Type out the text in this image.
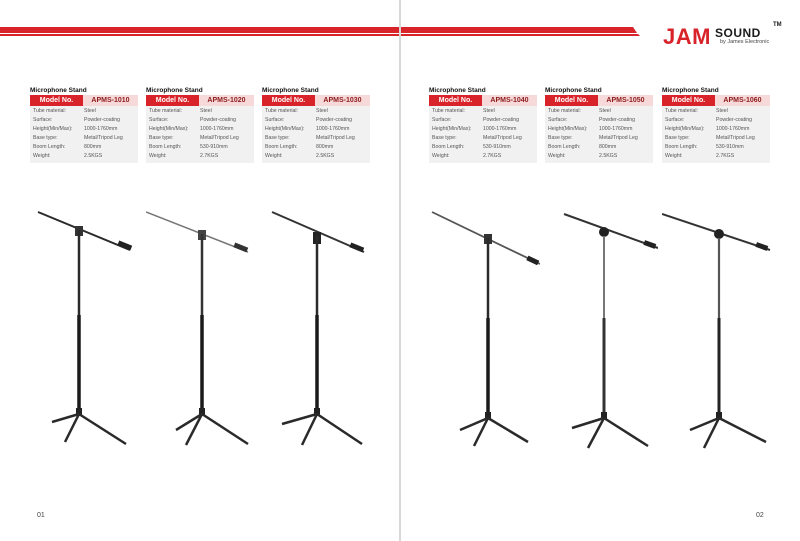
JAM SOUND
TM
by James Electronic
Microphone Stand
Model No.	APMS-1010
Tube material:	Steel
Surface:	Powder-coating
Height(Min/Max):	1000-1760mm
Base type:	Metal/Tripod Leg
Boom Length:	800mm
Weight:	2.5KGS
Microphone Stand
Model No.	APMS-1020
Tube material:	Steel
Surface:	Powder-coating
Height(Min/Max):	1000-1760mm
Base type:	Metal/Tripod Leg
Boom Length:	530-910mm
Weight:	2.7KGS
Microphone Stand
Model No.	APMS-1030
Tube material:	Steel
Surface:	Powder-coating
Height(Min/Max):	1000-1760mm
Base type:	Metal/Tripod Leg
Boom Length:	800mm
Weight:	2.5KGS
Microphone Stand
Model No.	APMS-1040
Tube material:	Steel
Surface:	Powder-coating
Height(Min/Max):	1000-1760mm
Base type:	Metal/Tripod Leg
Boom Length:	530-910mm
Weight:	2.7KGS
Microphone Stand
Model No.	APMS-1050
Tube material:	Steel
Surface:	Powder-coating
Height(Min/Max):	1000-1760mm
Base type:	Metal/Tripod Leg
Boom Length:	800mm
Weight:	2.5KGS
Microphone Stand
Model No.	APMS-1060
Tube material:	Steel
Surface:	Powder-coating
Height(Min/Max):	1000-1760mm
Base type:	Metal/Tripod Leg
Boom Length:	530-910mm
Weight:	2.7KGS
01	02
